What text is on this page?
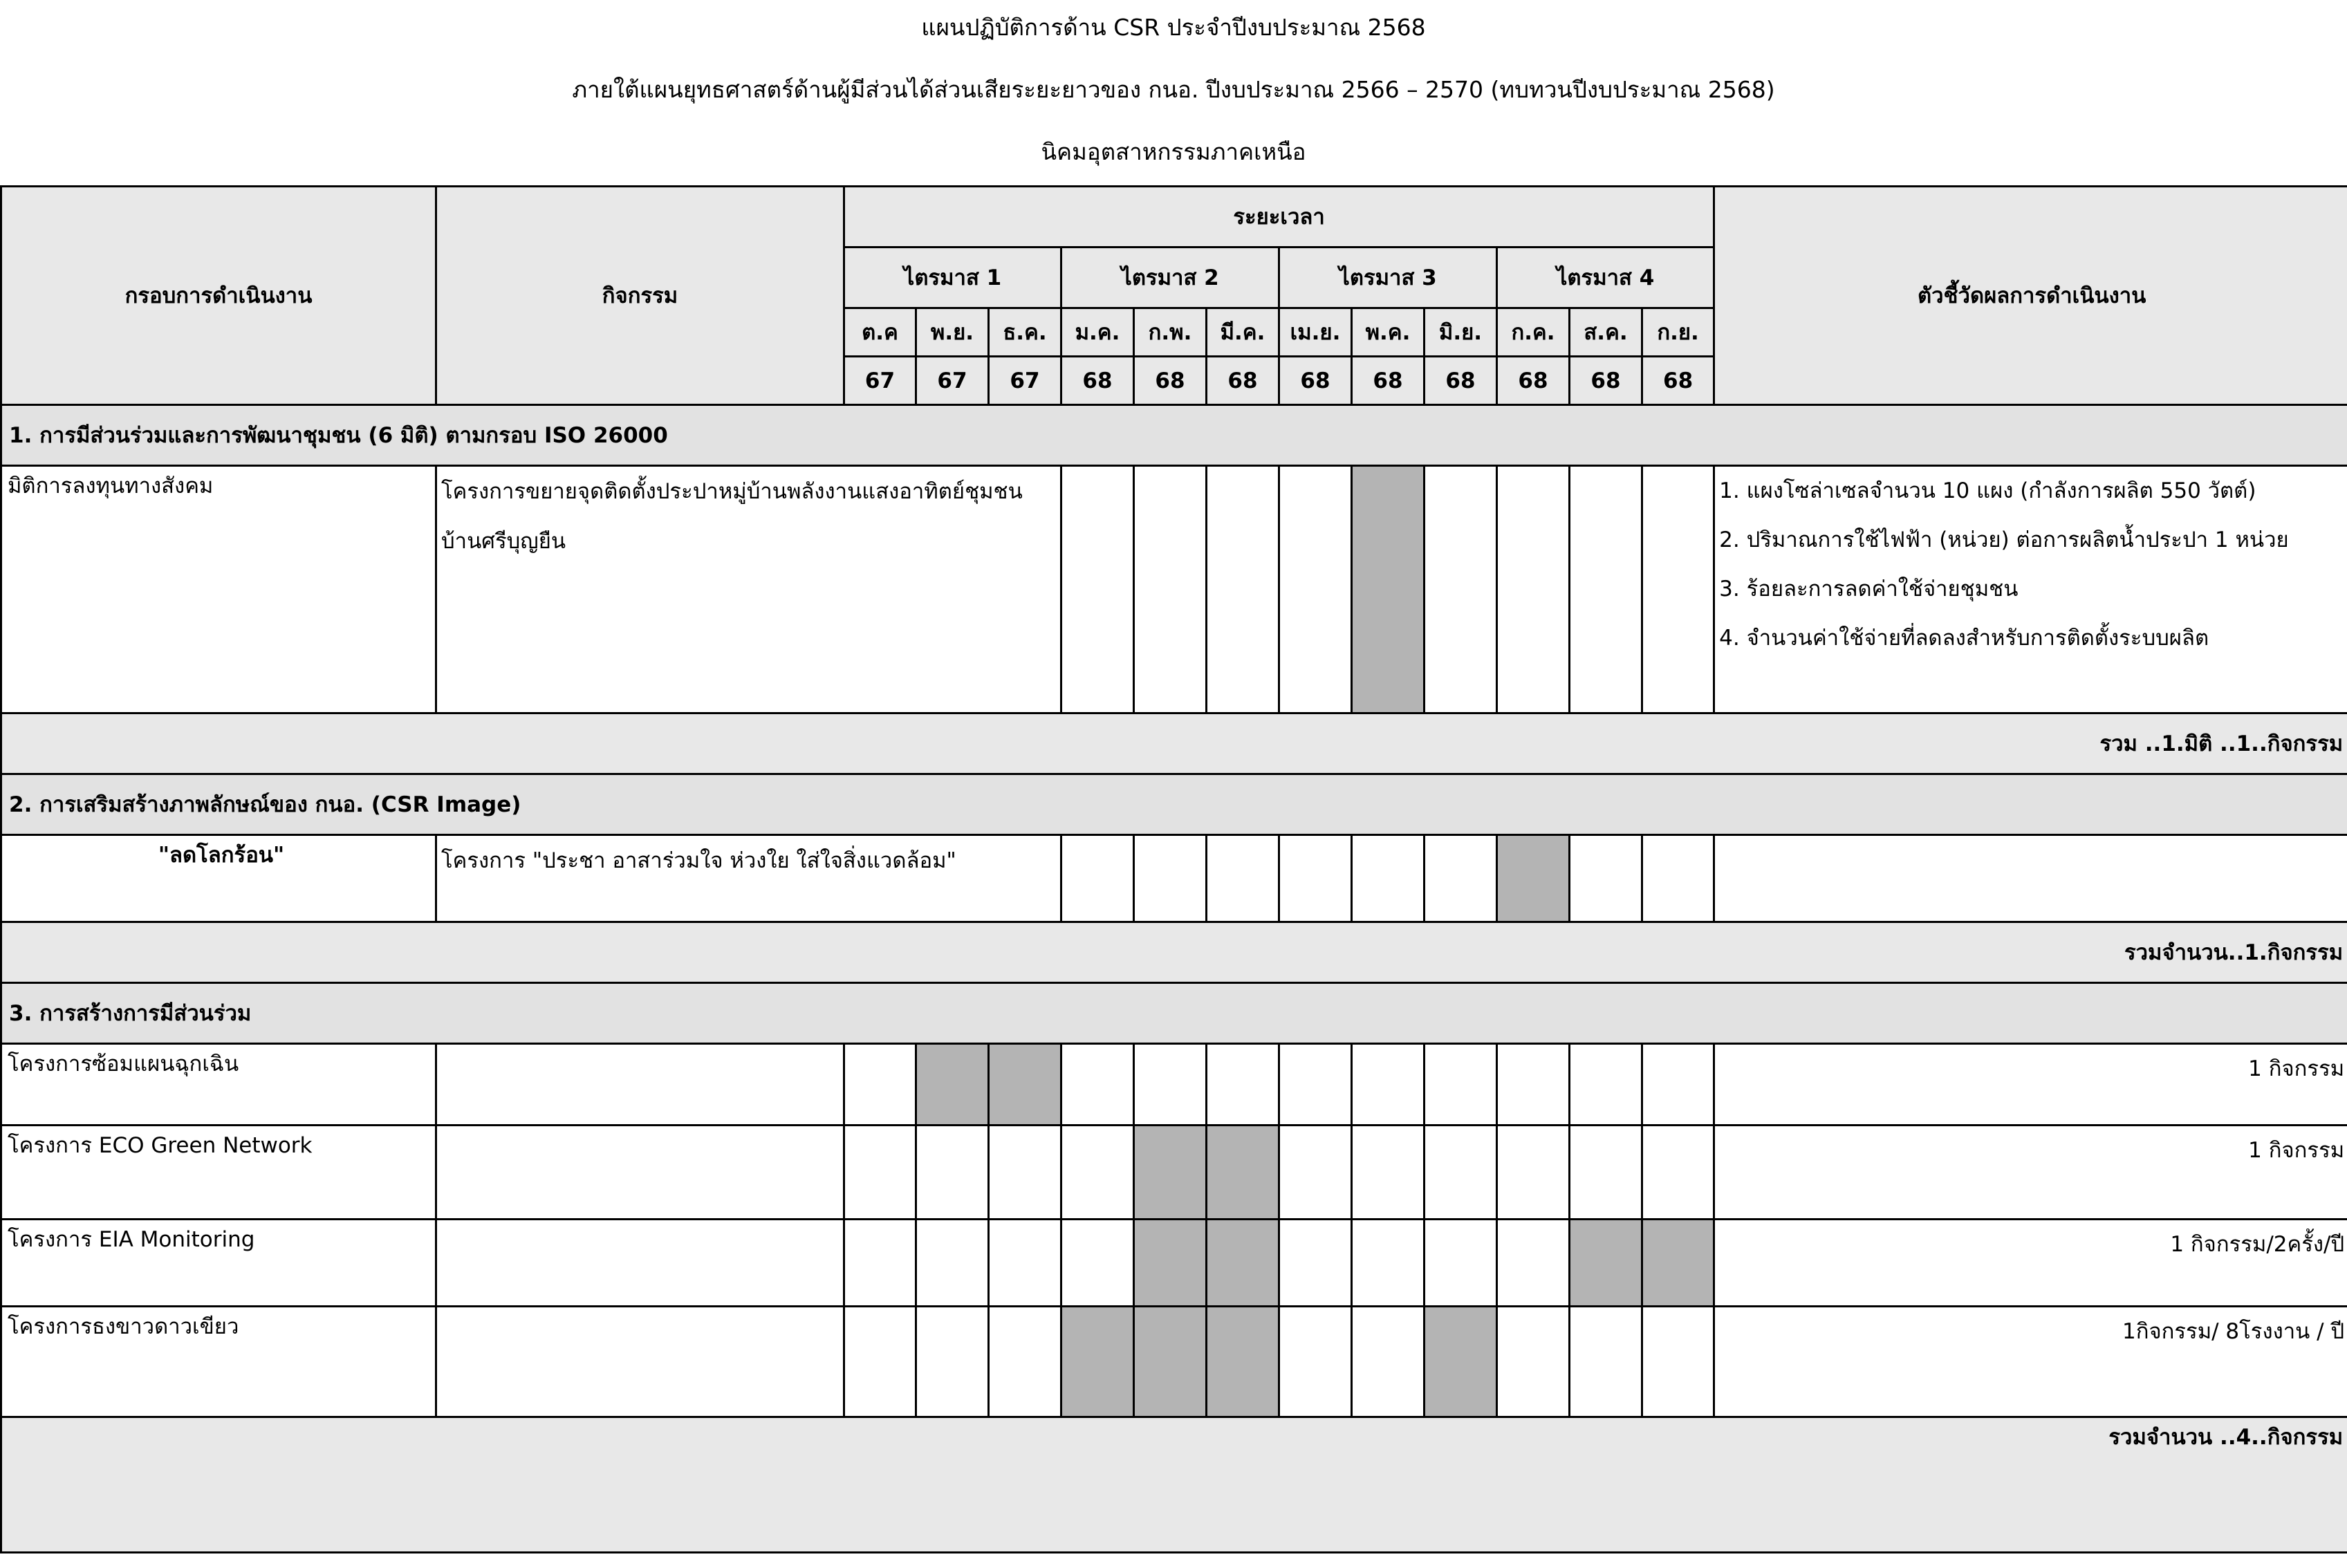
แผนปฏิบัติการด้าน CSR ประจำปีงบประมาณ 2568
ภายใต้แผนยุทธศาสตร์ด้านผู้มีส่วนได้ส่วนเสียระยะยาวของ กนอ. ปีงบประมาณ 2566 – 2570 (ทบทวนปีงบประมาณ 2568)
นิคมอุตสาหกรรมภาคเหนือ
กรอบการดำเนินงาน	กิจกรรม	ระยะเวลา												ตัวชี้วัดผลการดำเนินงาน
		ไตรมาส 1			ไตรมาส 2			ไตรมาส 3			ไตรมาส 4			
		ต.ค	พ.ย.	ธ.ค.	ม.ค.	ก.พ.	มี.ค.	เม.ย.	พ.ค.	มิ.ย.	ก.ค.	ส.ค.	ก.ย.	
		67	67	67	68	68	68	68	68	68	68	68	68	
1. การมีส่วนร่วมและการพัฒนาชุมชน (6 มิติ) ตามกรอบ ISO 26000														
มิติการลงทุนทางสังคม	โครงการขยายจุดติดตั้งประปาหมู่บ้านพลังงานแสงอาทิตย์ชุมชน บ้านศรีบุญยืน													1. แผงโซล่าเซลจำนวน 10 แผง (กำลังการผลิต 550 วัตต์)
2. ปริมาณการใช้ไฟฟ้า (หน่วย) ต่อการผลิตน้ำประปา 1 หน่วย
3. ร้อยละการลดค่าใช้จ่ายชุมชน
4. จำนวนค่าใช้จ่ายที่ลดลงสำหรับการติดตั้งระบบผลิต

รวม ..1.มิติ ..1..กิจกรรม														
2. การเสริมสร้างภาพลักษณ์ของ กนอ. (CSR Image)														
"ลดโลกร้อน"	โครงการ "ประชา อาสาร่วมใจ ห่วงใย ใส่ใจสิ่งแวดล้อม"													
รวมจำนวน..1.กิจกรรม														
3. การสร้างการมีส่วนร่วม														
โครงการซ้อมแผนฉุกเฉิน														1 กิจกรรม
โครงการ ECO Green Network														1 กิจกรรม
โครงการ EIA Monitoring														1 กิจกรรม/2ครั้ง/ปี
โครงการธงขาวดาวเขียว														1กิจกรรม/ 8โรงงาน / ปี
รวมจำนวน ..4..กิจกรรม														
